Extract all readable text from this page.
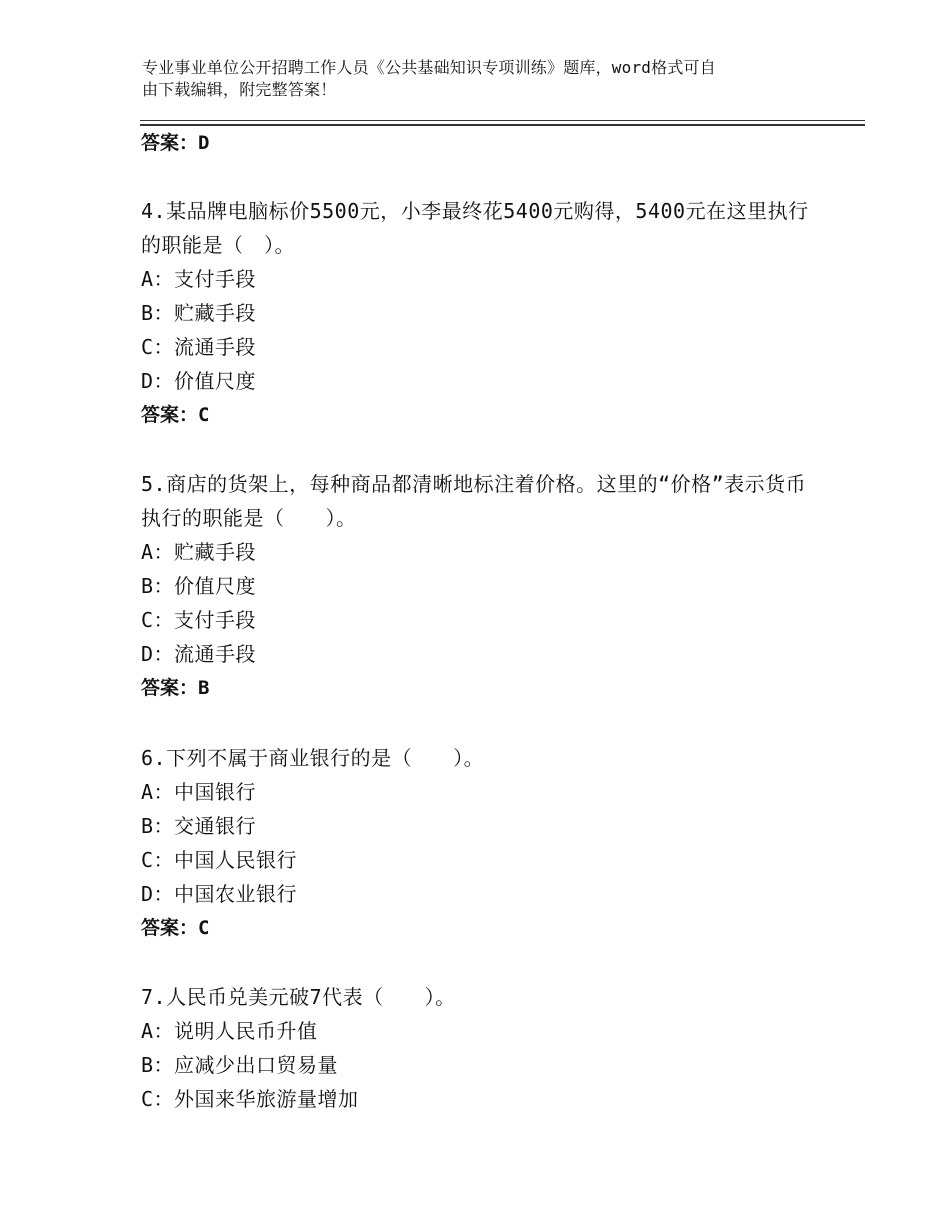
专业事业单位公开招聘工作人员《公共基础知识专项训练》题库，word格式可自
由下载编辑，附完整答案！
答案：D
4.某品牌电脑标价5500元，小李最终花5400元购得，5400元在这里执行的职能是（　）。
A：支付手段
B：贮藏手段
C：流通手段
D：价值尺度
答案：C
5.商店的货架上，每种商品都清晰地标注着价格。这里的“价格”表示货币执行的职能是（　　）。
A：贮藏手段
B：价值尺度
C：支付手段
D：流通手段
答案：B
6.下列不属于商业银行的是（　　）。
A：中国银行
B：交通银行
C：中国人民银行
D：中国农业银行
答案：C
7.人民币兑美元破7代表（　　）。
A：说明人民币升值
B：应减少出口贸易量
C：外国来华旅游量增加
